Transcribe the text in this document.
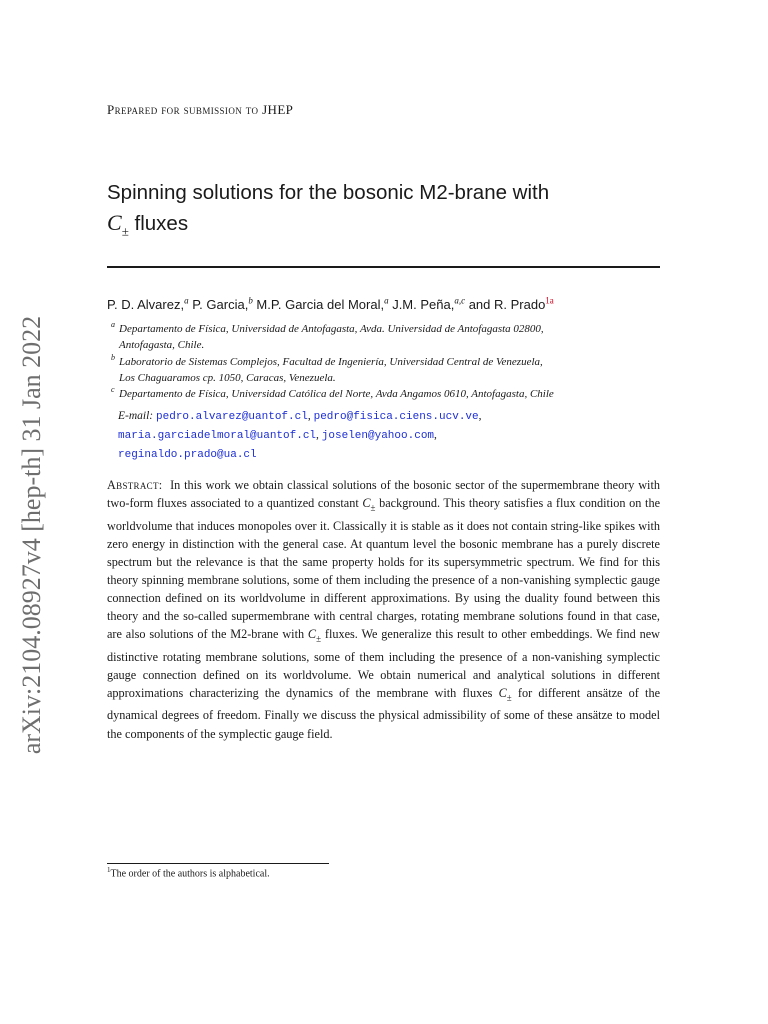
arXiv:2104.08927v4 [hep-th] 31 Jan 2022
Prepared for submission to JHEP
Spinning solutions for the bosonic M2-brane with
$C_\pm$ fluxes
P. D. Alvarez,$^a$ P. Garcia,$^b$ M.P. Garcia del Moral,$^a$ J.M. Peña,$^{a,c}$ and R. Prado$^{1a}$
a Departamento de Física, Universidad de Antofagasta, Avda. Universidad de Antofagasta 02800,
Antofagasta, Chile.
b Laboratorio de Sistemas Complejos, Facultad de Ingeniería, Universidad Central de Venezuela,
Los Chaguaramos cp. 1050, Caracas, Venezuela.
c Departamento de Física, Universidad Católica del Norte, Avda Angamos 0610, Antofagasta, Chile
E-mail: pedro.alvarez@uantof.cl, pedro@fisica.ciens.ucv.ve,
maria.garciadelmoral@uantof.cl, joselen@yahoo.com,
reginaldo.prado@ua.cl
Abstract: In this work we obtain classical solutions of the bosonic sector of the supermembrane theory with two-form fluxes associated to a quantized constant $C_\pm$ background. This theory satisfies a flux condition on the worldvolume that induces monopoles over it. Classically it is stable as it does not contain string-like spikes with zero energy in distinction with the general case. At quantum level the bosonic membrane has a purely discrete spectrum but the relevance is that the same property holds for its supersymmetric spectrum. We find for this theory spinning membrane solutions, some of them including the presence of a non-vanishing symplectic gauge connection defined on its worldvolume in different approximations. By using the duality found between this theory and the so-called supermembrane with central charges, rotating membrane solutions found in that case, are also solutions of the M2-brane with $C_\pm$ fluxes. We generalize this result to other embeddings. We find new distinctive rotating membrane solutions, some of them including the presence of a non-vanishing symplectic gauge connection defined on its worldvolume. We obtain numerical and analytical solutions in different approximations characterizing the dynamics of the membrane with fluxes $C_\pm$ for different ansätze of the dynamical degrees of freedom. Finally we discuss the physical admissibility of some of these ansätze to model the components of the symplectic gauge field.
$^1$The order of the authors is alphabetical.
